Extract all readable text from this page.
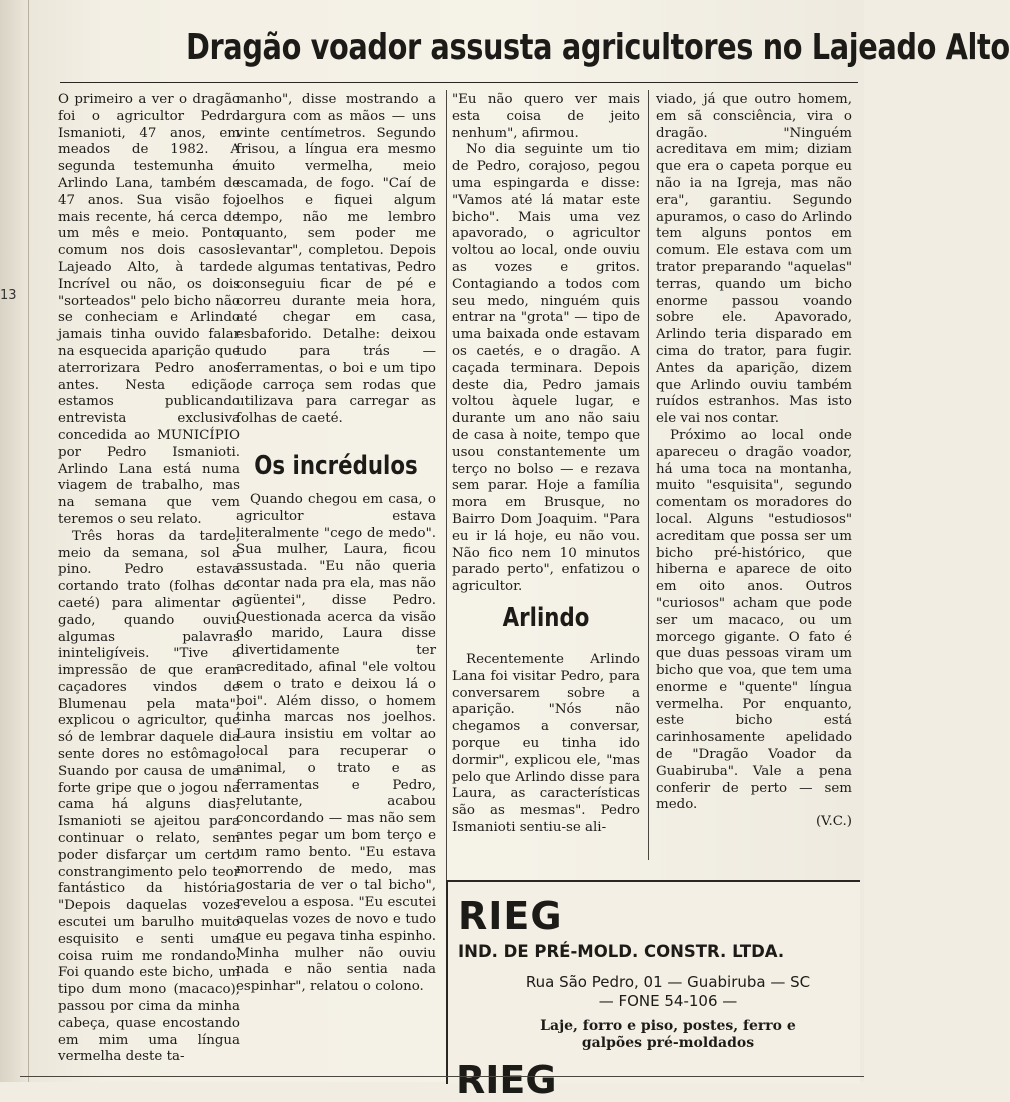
13
Dragão voador assusta agricultores no Lajeado Alto

O primeiro a ver o dragão foi o agricultor Pedro Ismanioti, 47 anos, em meados de 1982. A segunda testemunha é Arlindo Lana, também de 47 anos. Sua visão foi mais recente, há cerca de um mês e meio. Ponto comum nos dois casos: Lajeado Alto, à tarde. Incrível ou não, os dois "sorteados" pelo bicho não se conheciam e Arlindo jamais tinha ouvido falar na esquecida aparição que aterrorizara Pedro anos antes. Nesta edição, estamos publicando entrevista exclusiva concedida ao MUNICÍPIO por Pedro Ismanioti. Arlindo Lana está numa viagem de trabalho, mas na semana que vem teremos o seu relato.

Três horas da tarde, meio da semana, sol a pino. Pedro estava cortando trato (folhas de caeté) para alimentar o gado, quando ouviu algumas palavras ininteligíveis. "Tive a impressão de que eram caçadores vindos de Blumenau pela mata", explicou o agricultor, que só de lembrar daquele dia sente dores no estômago. Suando por causa de uma forte gripe que o jogou na cama há alguns dias, Ismanioti se ajeitou para continuar o relato, sem poder disfarçar um certo constrangimento pelo teor fantástico da história. "Depois daquelas vozes escutei um barulho muito esquisito e senti uma coisa ruim me rondando. Foi quando este bicho, um tipo dum mono (macaco), passou por cima da minha cabeça, quase encostando em mim uma língua vermelha deste ta-

manho", disse mostrando a largura com as mãos — uns vinte centímetros. Segundo frisou, a língua era mesmo muito vermelha, meio escamada, de fogo. "Caí de joelhos e fiquei algum tempo, não me lembro quanto, sem poder me levantar", completou. Depois de algumas tentativas, Pedro conseguiu ficar de pé e correu durante meia hora, até chegar em casa, esbaforido. Detalhe: deixou tudo para trás — ferramentas, o boi e um tipo de carroça sem rodas que utilizava para carregar as folhas de caeté.

Os incrédulos

Quando chegou em casa, o agricultor estava literalmente "cego de medo". Sua mulher, Laura, ficou assustada. "Eu não queria contar nada pra ela, mas não agüentei", disse Pedro. Questionada acerca da visão do marido, Laura disse divertidamente ter acreditado, afinal "ele voltou sem o trato e deixou lá o boi". Além disso, o homem tinha marcas nos joelhos. Laura insistiu em voltar ao local para recuperar o animal, o trato e as ferramentas e Pedro, relutante, acabou concordando — mas não sem antes pegar um bom terço e um ramo bento. "Eu estava morrendo de medo, mas gostaria de ver o tal bicho", revelou a esposa. "Eu escutei aquelas vozes de novo e tudo que eu pegava tinha espinho. Minha mulher não ouviu nada e não sentia nada espinhar", relatou o colono.

"Eu não quero ver mais esta coisa de jeito nenhum", afirmou.

No dia seguinte um tio de Pedro, corajoso, pegou uma espingarda e disse: "Vamos até lá matar este bicho". Mais uma vez apavorado, o agricultor voltou ao local, onde ouviu as vozes e gritos. Contagiando a todos com seu medo, ninguém quis entrar na "grota" — tipo de uma baixada onde estavam os caetés, e o dragão. A caçada terminara. Depois deste dia, Pedro jamais voltou àquele lugar, e durante um ano não saiu de casa à noite, tempo que usou constantemente um terço no bolso — e rezava sem parar. Hoje a família mora em Brusque, no Bairro Dom Joaquim. "Para eu ir lá hoje, eu não vou. Não fico nem 10 minutos parado perto", enfatizou o agricultor.

Arlindo

Recentemente Arlindo Lana foi visitar Pedro, para conversarem sobre a aparição. "Nós não chegamos a conversar, porque eu tinha ido dormir", explicou ele, "mas pelo que Arlindo disse para Laura, as características são as mesmas". Pedro Ismanioti sentiu-se ali-

viado, já que outro homem, em sã consciência, vira o dragão. "Ninguém acreditava em mim; diziam que era o capeta porque eu não ia na Igreja, mas não era", garantiu. Segundo apuramos, o caso do Arlindo tem alguns pontos em comum. Ele estava com um trator preparando "aquelas" terras, quando um bicho enorme passou voando sobre ele. Apavorado, Arlindo teria disparado em cima do trator, para fugir. Antes da aparição, dizem que Arlindo ouviu também ruídos estranhos. Mas isto ele vai nos contar.

Próximo ao local onde apareceu o dragão voador, há uma toca na montanha, muito "esquisita", segundo comentam os moradores do local. Alguns "estudiosos" acreditam que possa ser um bicho pré-histórico, que hiberna e aparece de oito em oito anos. Outros "curiosos" acham que pode ser um macaco, ou um morcego gigante. O fato é que duas pessoas viram um bicho que voa, que tem uma enorme e "quente" língua vermelha. Por enquanto, este bicho está carinhosamente apelidado de "Dragão Voador da Guabiruba". Vale a pena conferir de perto — sem medo.

(V.C.)
RIEG
IND. DE PRÉ-MOLD. CONSTR. LTDA.
Rua São Pedro, 01 — Guabiruba — SC
— FONE 54-106 —
Laje, forro e piso, postes, ferro e
galpões pré-moldados
RIEG
